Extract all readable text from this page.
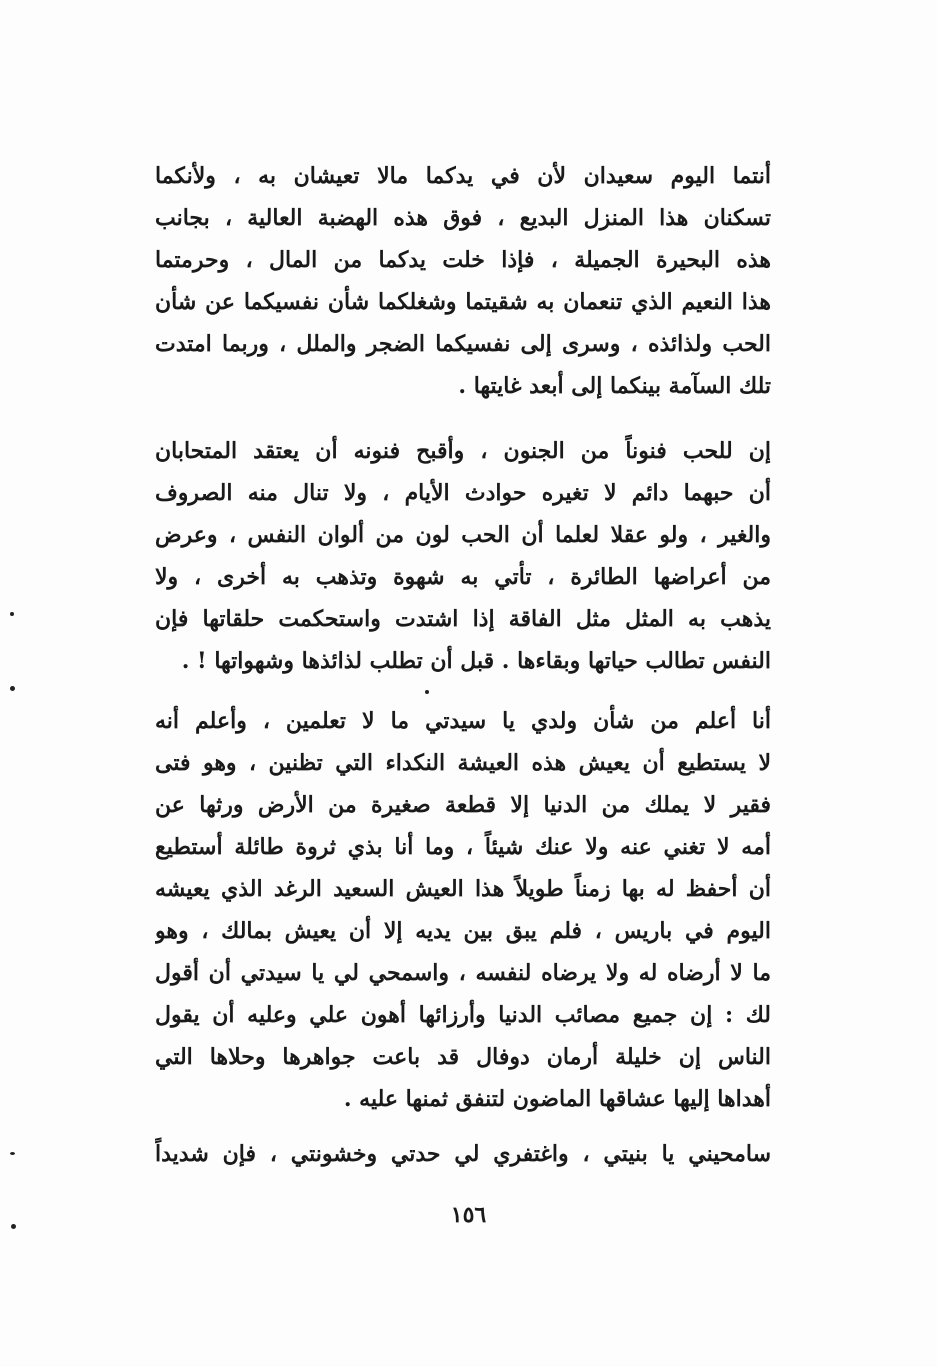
أنتما اليوم سعيدان لأن في يدكما مالا تعيشان به ، ولأنكما
تسكنان هذا المنزل البديع ، فوق هذه الهضبة العالية ، بجانب
هذه البحيرة الجميلة ، فإذا خلت يدكما من المال ، وحرمتما
هذا النعيم الذي تنعمان به شقيتما وشغلكما شأن نفسيكما عن شأن
الحب ولذائذه ، وسرى إلى نفسيكما الضجر والملل ، وربما امتدت
تلك السآمة بينكما إلى أبعد غايتها .
إن للحب فنوناً من الجنون ، وأقبح فنونه أن يعتقد المتحابان
أن حبهما دائم لا تغيره حوادث الأيام ، ولا تنال منه الصروف
والغير ، ولو عقلا لعلما أن الحب لون من ألوان النفس ، وعرض
من أعراضها الطائرة ، تأتي به شهوة وتذهب به أخرى ، ولا
يذهب به المثل مثل الفاقة إذا اشتدت واستحكمت حلقاتها فإن
النفس تطالب حياتها وبقاءها . قبل أن تطلب لذائذها وشهواتها ! .
أنا أعلم من شأن ولدي يا سيدتي ما لا تعلمين ، وأعلم أنه
لا يستطيع أن يعيش هذه العيشة النكداء التي تظنين ، وهو فتى
فقير لا يملك من الدنيا إلا قطعة صغيرة من الأرض ورثها عن
أمه لا تغني عنه ولا عنك شيئاً ، وما أنا بذي ثروة طائلة أستطيع
أن أحفظ له بها زمناً طويلاً هذا العيش السعيد الرغد الذي يعيشه
اليوم في باريس ، فلم يبق بين يديه إلا أن يعيش بمالك ، وهو
ما لا أرضاه له ولا يرضاه لنفسه ، واسمحي لي يا سيدتي أن أقول
لك : إن جميع مصائب الدنيا وأرزائها أهون علي وعليه أن يقول
الناس إن خليلة أرمان دوفال قد باعت جواهرها وحلاها التي
أهداها إليها عشاقها الماضون لتنفق ثمنها عليه .
سامحيني يا بنيتي ، واغتفري لي حدتي وخشونتي ، فإن شديداً
١٥٦
